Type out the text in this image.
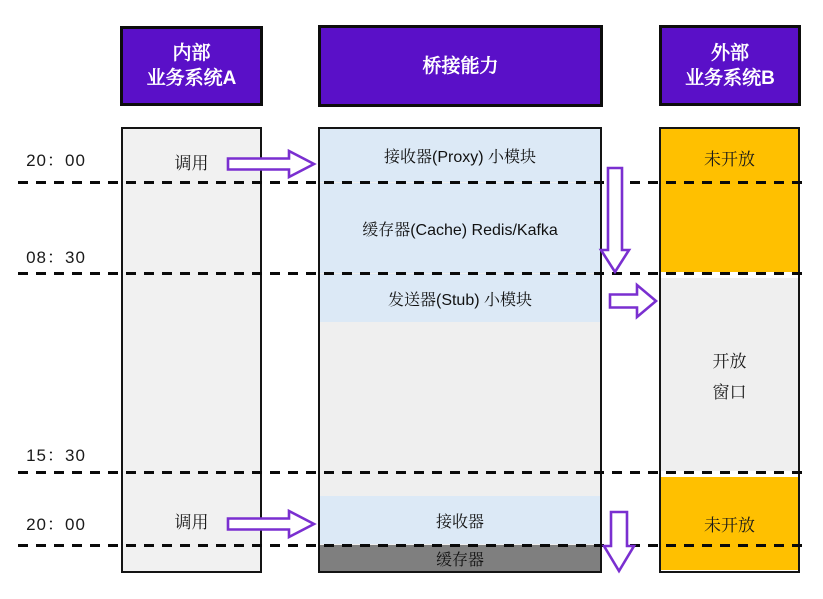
20：00
08：30
15：30
20：00
内部
业务系统A
桥接能力
外部
业务系统B
调用
调用
接收器(Proxy) 小模块
缓存器(Cache) Redis/Kafka
发送器(Stub) 小模块
接收器
缓存器
未开放
开放
窗口
未开放
